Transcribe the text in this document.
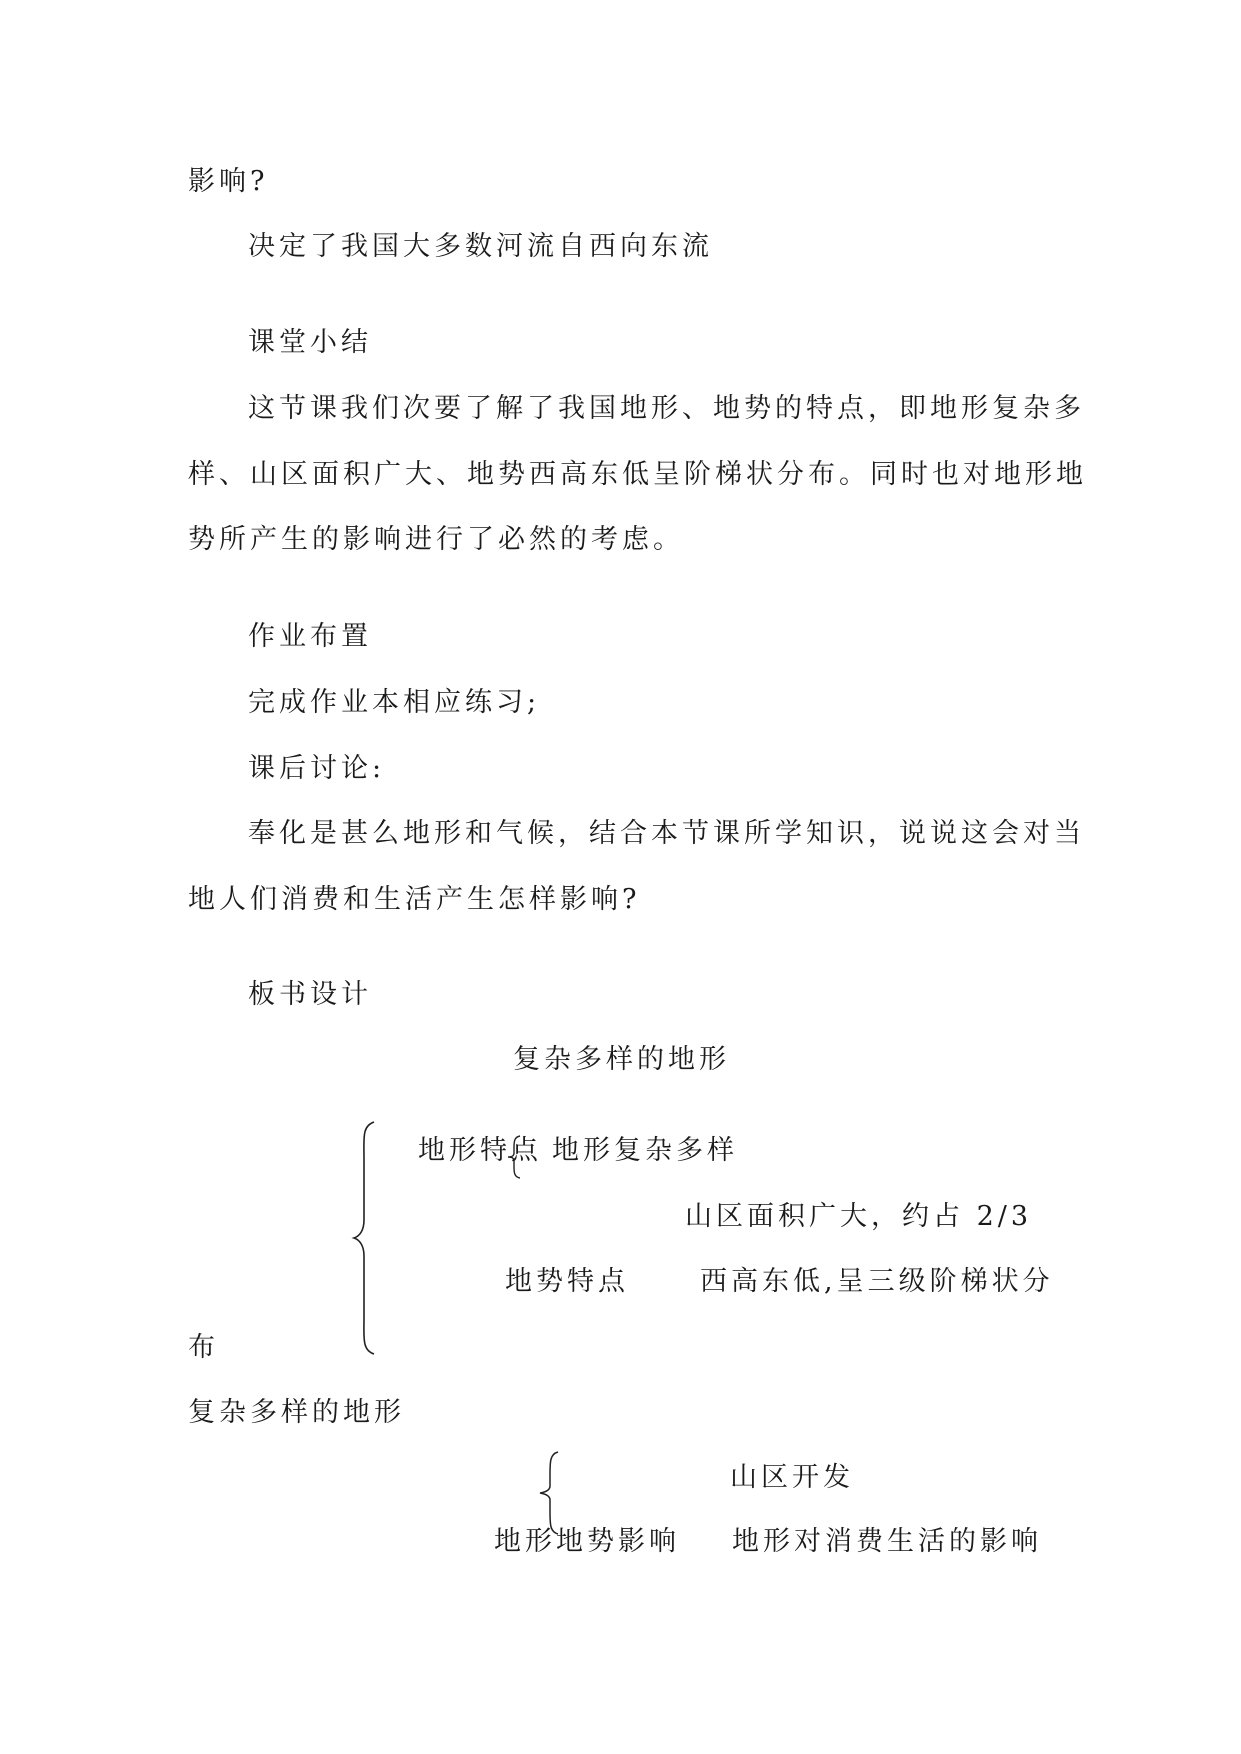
影响?
决定了我国大多数河流自西向东流
课堂小结
这节课我们次要了解了我国地形、地势的特点，即地形复杂多
样、山区面积广大、地势西高东低呈阶梯状分布。同时也对地形地
势所产生的影响进行了必然的考虑。
作业布置
完成作业本相应练习;
课后讨论:
奉化是甚么地形和气候，结合本节课所学知识，说说这会对当
地人们消费和生活产生怎样影响?
板书设计
复杂多样的地形
地形特点 地形复杂多样
山区面积广大，约占 2/3
地势特点	西高东低,呈三级阶梯状分
布
复杂多样的地形
山区开发
地形地势影响 地形对消费生活的影响
